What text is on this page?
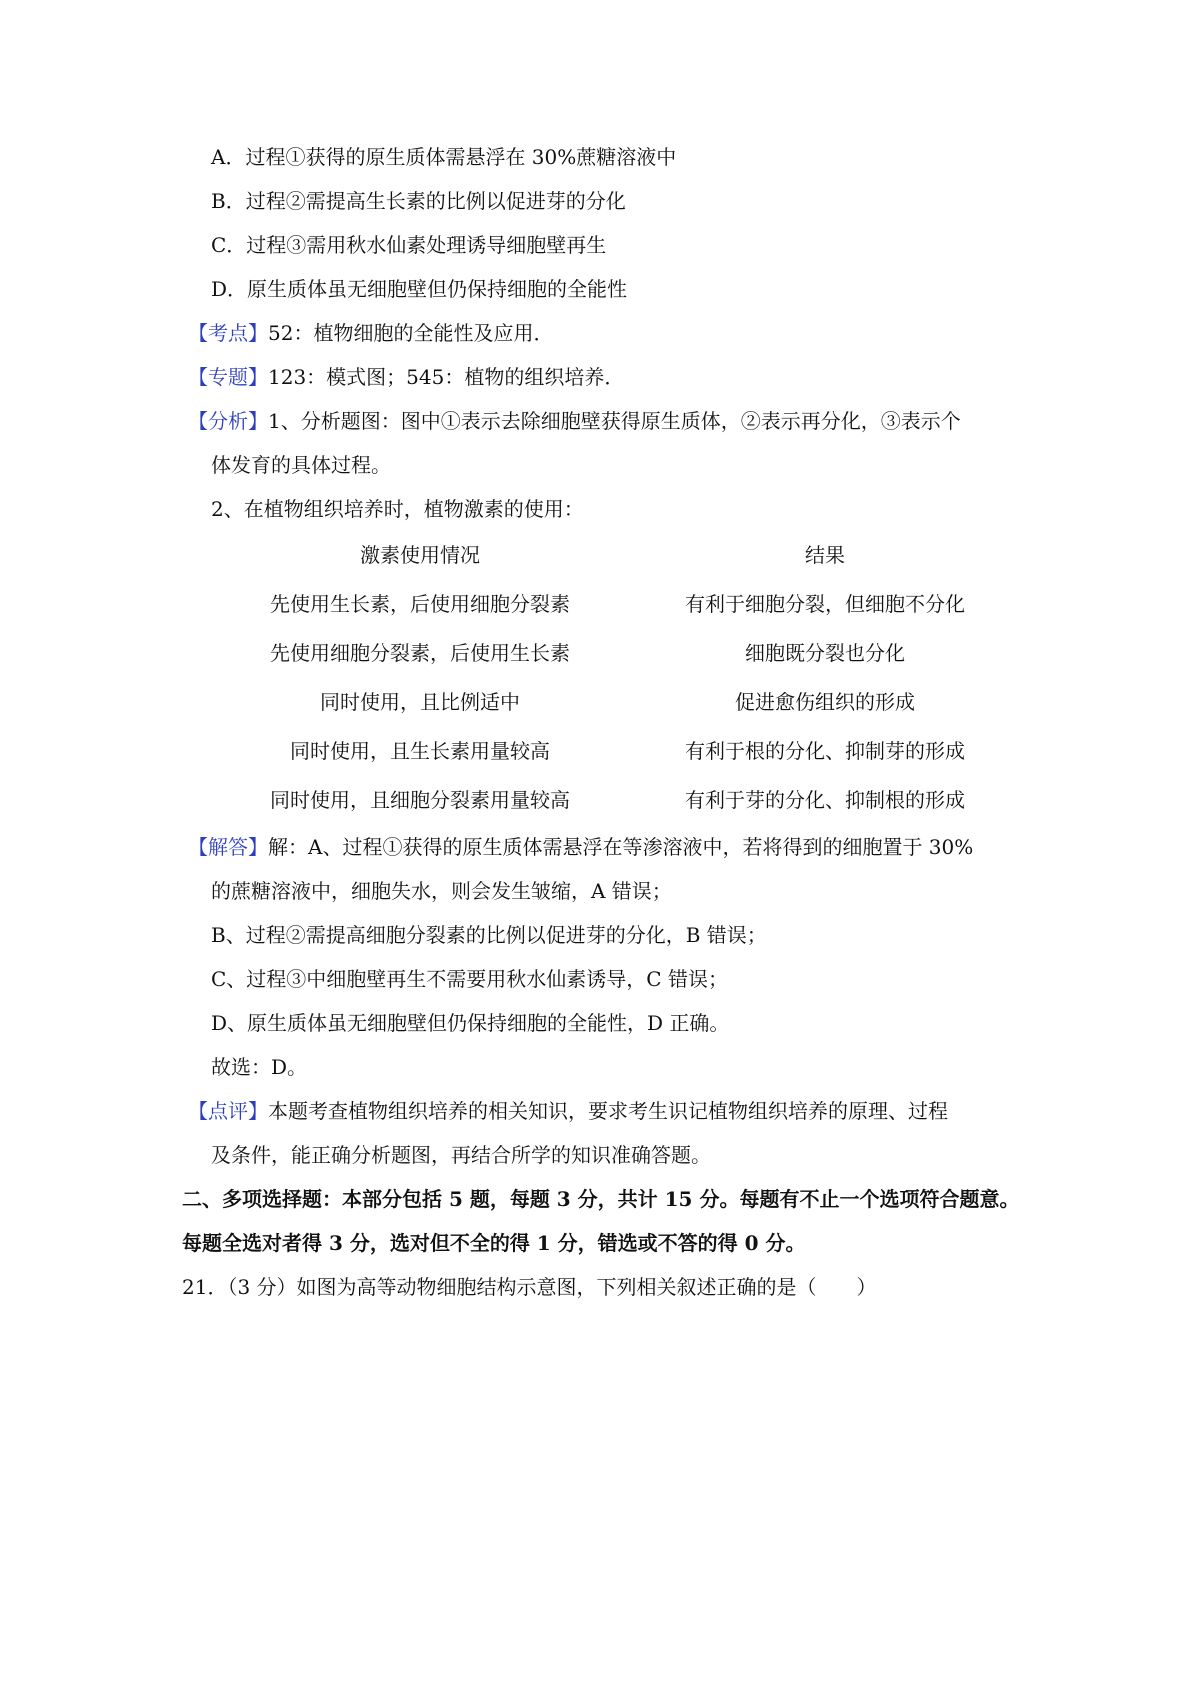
A．过程①获得的原生质体需悬浮在 30%蔗糖溶液中
B．过程②需提高生长素的比例以促进芽的分化
C．过程③需用秋水仙素处理诱导细胞壁再生
D．原生质体虽无细胞壁但仍保持细胞的全能性
【考点】52：植物细胞的全能性及应用．
【专题】123：模式图；545：植物的组织培养．
【分析】1、分析题图：图中①表示去除细胞壁获得原生质体，②表示再分化，③表示个
体发育的具体过程。
2、在植物组织培养时，植物激素的使用：
激素使用情况	结果
先使用生长素，后使用细胞分裂素	有利于细胞分裂，但细胞不分化
先使用细胞分裂素，后使用生长素	细胞既分裂也分化
同时使用，且比例适中	促进愈伤组织的形成
同时使用，且生长素用量较高	有利于根的分化、抑制芽的形成
同时使用，且细胞分裂素用量较高	有利于芽的分化、抑制根的形成
【解答】解：A、过程①获得的原生质体需悬浮在等渗溶液中，若将得到的细胞置于 30%
的蔗糖溶液中，细胞失水，则会发生皱缩，A 错误；
B、过程②需提高细胞分裂素的比例以促进芽的分化，B 错误；
C、过程③中细胞壁再生不需要用秋水仙素诱导，C 错误；
D、原生质体虽无细胞壁但仍保持细胞的全能性，D 正确。
故选：D。
【点评】本题考查植物组织培养的相关知识，要求考生识记植物组织培养的原理、过程
及条件，能正确分析题图，再结合所学的知识准确答题。
二、多项选择题：本部分包括 5 题，每题 3 分，共计 15 分。每题有不止一个选项符合题意。
每题全选对者得 3 分，选对但不全的得 1 分，错选或不答的得 0 分。
21．（3 分）如图为高等动物细胞结构示意图，下列相关叙述正确的是（　　）
